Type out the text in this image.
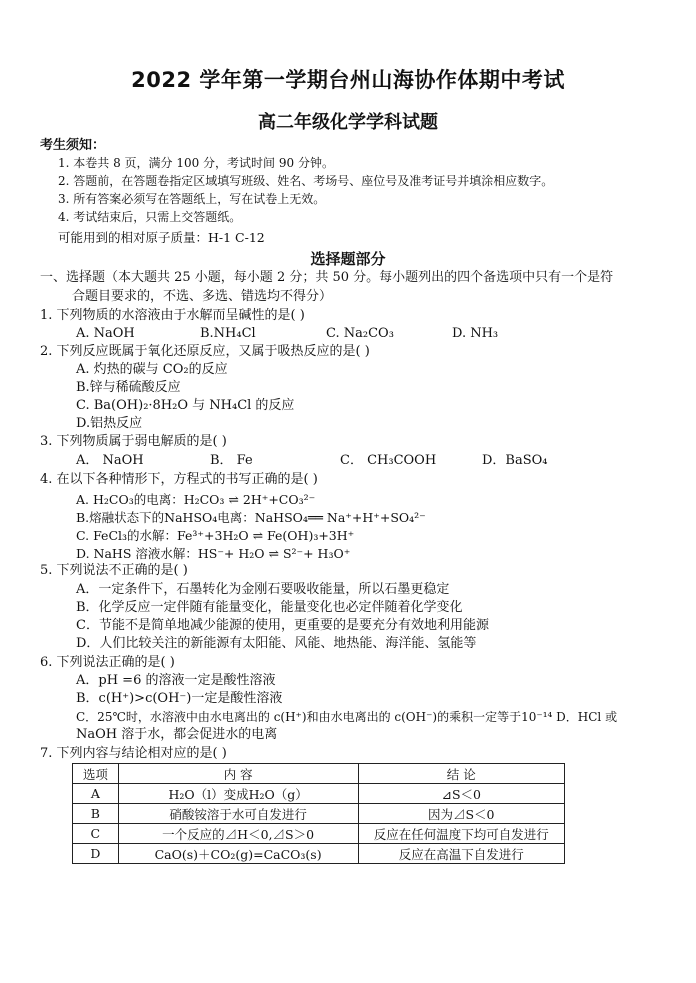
2022 学年第一学期台州山海协作体期中考试
高二年级化学学科试题
考生须知：
1. 本卷共 8 页，满分 100 分，考试时间 90 分钟。
2. 答题前，在答题卷指定区域填写班级、姓名、考场号、座位号及准考证号并填涂相应数字。
3. 所有答案必须写在答题纸上，写在试卷上无效。
4. 考试结束后，只需上交答题纸。
可能用到的相对原子质量：H-1 C-12
选择题部分
一、选择题（本大题共 25 小题，每小题 2 分；共 50 分。每小题列出的四个备选项中只有一个是符
合题目要求的，不选、多选、错选均不得分）
1. 下列物质的水溶液由于水解而呈碱性的是( )
A. NaOH	B.NH₄Cl	C. Na₂CO₃	D. NH₃
2. 下列反应既属于氧化还原反应，又属于吸热反应的是( )
A. 灼热的碳与 CO₂的反应
B.锌与稀硫酸反应
C. Ba(OH)₂·8H₂O 与 NH₄Cl 的反应
D.铝热反应
3. 下列物质属于弱电解质的是( )
A． NaOH	B． Fe	C． CH₃COOH	D．BaSO₄
4. 在以下各种情形下，方程式的书写正确的是( )
A. H₂CO₃的电离：H₂CO₃ ⇌ 2H⁺+CO₃²⁻
B.熔融状态下的NaHSO₄电离：NaHSO₄══ Na⁺+H⁺+SO₄²⁻
C. FeCl₃的水解：Fe³⁺+3H₂O ⇌ Fe(OH)₃+3H⁺
D. NaHS 溶液水解：HS⁻+ H₂O ⇌ S²⁻+ H₃O⁺
5. 下列说法不正确的是( )
A．一定条件下，石墨转化为金刚石要吸收能量，所以石墨更稳定
B．化学反应一定伴随有能量变化，能量变化也必定伴随着化学变化
C．节能不是简单地减少能源的使用，更重要的是要充分有效地利用能源
D．人们比较关注的新能源有太阳能、风能、地热能、海洋能、氢能等
6. 下列说法正确的是( )
A．pH =6 的溶液一定是酸性溶液
B．c(H⁺)>c(OH⁻)一定是酸性溶液
C．25℃时，水溶液中由水电离出的 c(H⁺)和由水电离出的 c(OH⁻)的乘积一定等于10⁻¹⁴ D．HCl 或
NaOH 溶于水，都会促进水的电离
7. 下列内容与结论相对应的是( )
选项	内 容	结 论
A	H₂O（l）变成H₂O（g）	⊿S＜0
B	硝酸铵溶于水可自发进行	因为⊿S＜0
C	一个反应的⊿H＜0,⊿S＞0	反应在任何温度下均可自发进行
D	CaO(s)＋CO₂(g)=CaCO₃(s)	反应在高温下自发进行
